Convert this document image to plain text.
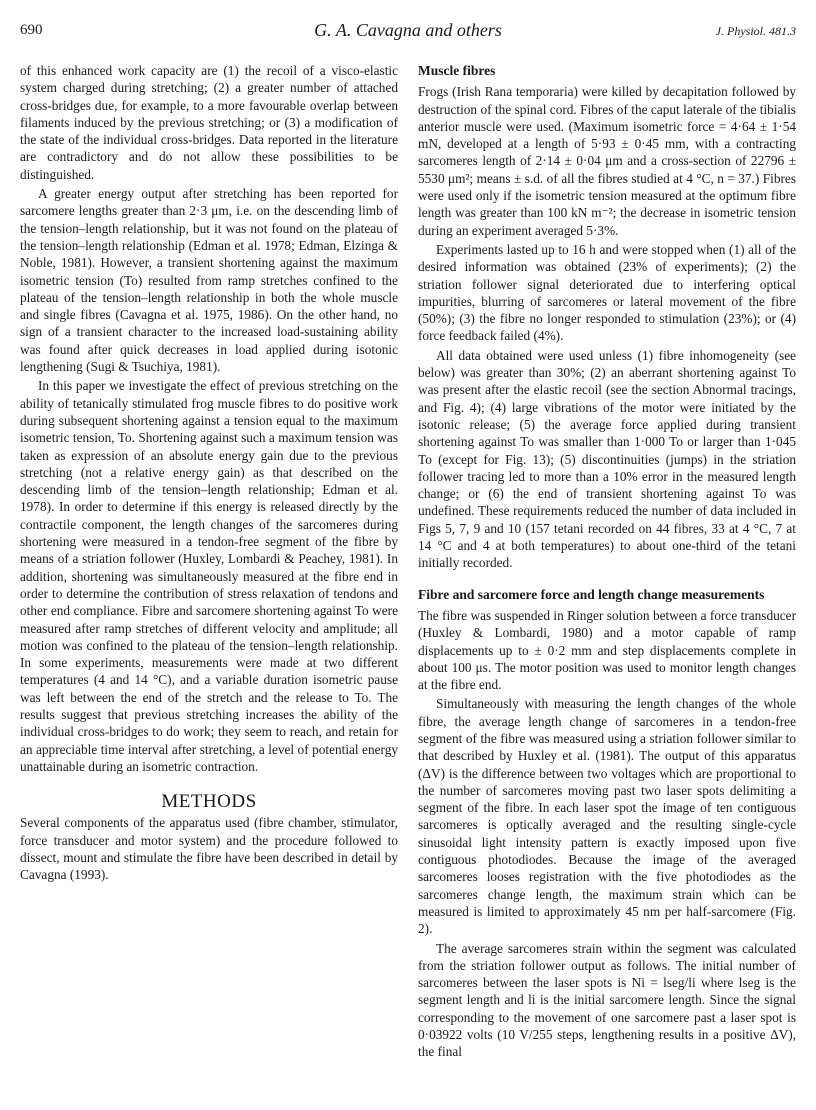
690	G. A. Cavagna and others	J. Physiol. 481.3

of this enhanced work capacity are (1) the recoil of a visco-elastic system charged during stretching; (2) a greater number of attached cross-bridges due, for example, to a more favourable overlap between filaments induced by the previous stretching; or (3) a modification of the state of the individual cross-bridges. Data reported in the literature are contradictory and do not allow these possibilities to be distinguished.

A greater energy output after stretching has been reported for sarcomere lengths greater than 2·3 μm, i.e. on the descending limb of the tension–length relationship, but it was not found on the plateau of the tension–length relationship (Edman et al. 1978; Edman, Elzinga & Noble, 1981). However, a transient shortening against the maximum isometric tension (To) resulted from ramp stretches confined to the plateau of the tension–length relationship in both the whole muscle and single fibres (Cavagna et al. 1975, 1986). On the other hand, no sign of a transient character to the increased load-sustaining ability was found after quick decreases in load applied during isotonic lengthening (Sugi & Tsuchiya, 1981).

In this paper we investigate the effect of previous stretching on the ability of tetanically stimulated frog muscle fibres to do positive work during subsequent shortening against a tension equal to the maximum isometric tension, To. Shortening against such a maximum tension was taken as expression of an absolute energy gain due to the previous stretching (not a relative energy gain) as that described on the descending limb of the tension–length relationship; Edman et al. 1978). In order to determine if this energy is released directly by the contractile component, the length changes of the sarcomeres during shortening were measured in a tendon-free segment of the fibre by means of a striation follower (Huxley, Lombardi & Peachey, 1981). In addition, shortening was simultaneously measured at the fibre end in order to determine the contribution of stress relaxation of tendons and other end compliance. Fibre and sarcomere shortening against To were measured after ramp stretches of different velocity and amplitude; all motion was confined to the plateau of the tension–length relationship. In some experiments, measurements were made at two different temperatures (4 and 14 °C), and a variable duration isometric pause was left between the end of the stretch and the release to To. The results suggest that previous stretching increases the ability of the individual cross-bridges to do work; they seem to reach, and retain for an appreciable time interval after stretching, a level of potential energy unattainable during an isometric contraction.

METHODS

Several components of the apparatus used (fibre chamber, stimulator, force transducer and motor system) and the procedure followed to dissect, mount and stimulate the fibre have been described in detail by Cavagna (1993).

Muscle fibres

Frogs (Irish Rana temporaria) were killed by decapitation followed by destruction of the spinal cord. Fibres of the caput laterale of the tibialis anterior muscle were used. (Maximum isometric force = 4·64 ± 1·54 mN, developed at a length of 5·93 ± 0·45 mm, with a contracting sarcomeres length of 2·14 ± 0·04 μm and a cross-section of 22796 ± 5530 μm²; means ± s.d. of all the fibres studied at 4 °C, n = 37.) Fibres were used only if the isometric tension measured at the optimum fibre length was greater than 100 kN m⁻²; the decrease in isometric tension during an experiment averaged 5·3%.

Experiments lasted up to 16 h and were stopped when (1) all of the desired information was obtained (23% of experiments); (2) the striation follower signal deteriorated due to interfering optical impurities, blurring of sarcomeres or lateral movement of the fibre (50%); (3) the fibre no longer responded to stimulation (23%); or (4) force feedback failed (4%).

All data obtained were used unless (1) fibre inhomogeneity (see below) was greater than 30%; (2) an aberrant shortening against To was present after the elastic recoil (see the section Abnormal tracings, and Fig. 4); (4) large vibrations of the motor were initiated by the isotonic release; (5) the average force applied during transient shortening against To was smaller than 1·000 To or larger than 1·045 To (except for Fig. 13); (5) discontinuities (jumps) in the striation follower tracing led to more than a 10% error in the measured length change; or (6) the end of transient shortening against To was undefined. These requirements reduced the number of data included in Figs 5, 7, 9 and 10 (157 tetani recorded on 44 fibres, 33 at 4 °C, 7 at 14 °C and 4 at both temperatures) to about one-third of the tetani initially recorded.

Fibre and sarcomere force and length change measurements

The fibre was suspended in Ringer solution between a force transducer (Huxley & Lombardi, 1980) and a motor capable of ramp displacements up to ± 0·2 mm and step displacements complete in about 100 μs. The motor position was used to monitor length changes at the fibre end.

Simultaneously with measuring the length changes of the whole fibre, the average length change of sarcomeres in a tendon-free segment of the fibre was measured using a striation follower similar to that described by Huxley et al. (1981). The output of this apparatus (ΔV) is the difference between two voltages which are proportional to the number of sarcomeres moving past two laser spots delimiting a segment of the fibre. In each laser spot the image of ten contiguous sarcomeres is optically averaged and the resulting single-cycle sinusoidal light intensity pattern is exactly imposed upon five contiguous photodiodes. Because the image of the averaged sarcomeres looses registration with the five photodiodes as the sarcomeres change length, the maximum strain which can be measured is limited to approximately 45 nm per half-sarcomere (Fig. 2).

The average sarcomeres strain within the segment was calculated from the striation follower output as follows. The initial number of sarcomeres between the laser spots is Ni = lseg/li where lseg is the segment length and li is the initial sarcomere length. Since the signal corresponding to the movement of one sarcomere past a laser spot is 0·03922 volts (10 V/255 steps, lengthening results in a positive ΔV), the final
